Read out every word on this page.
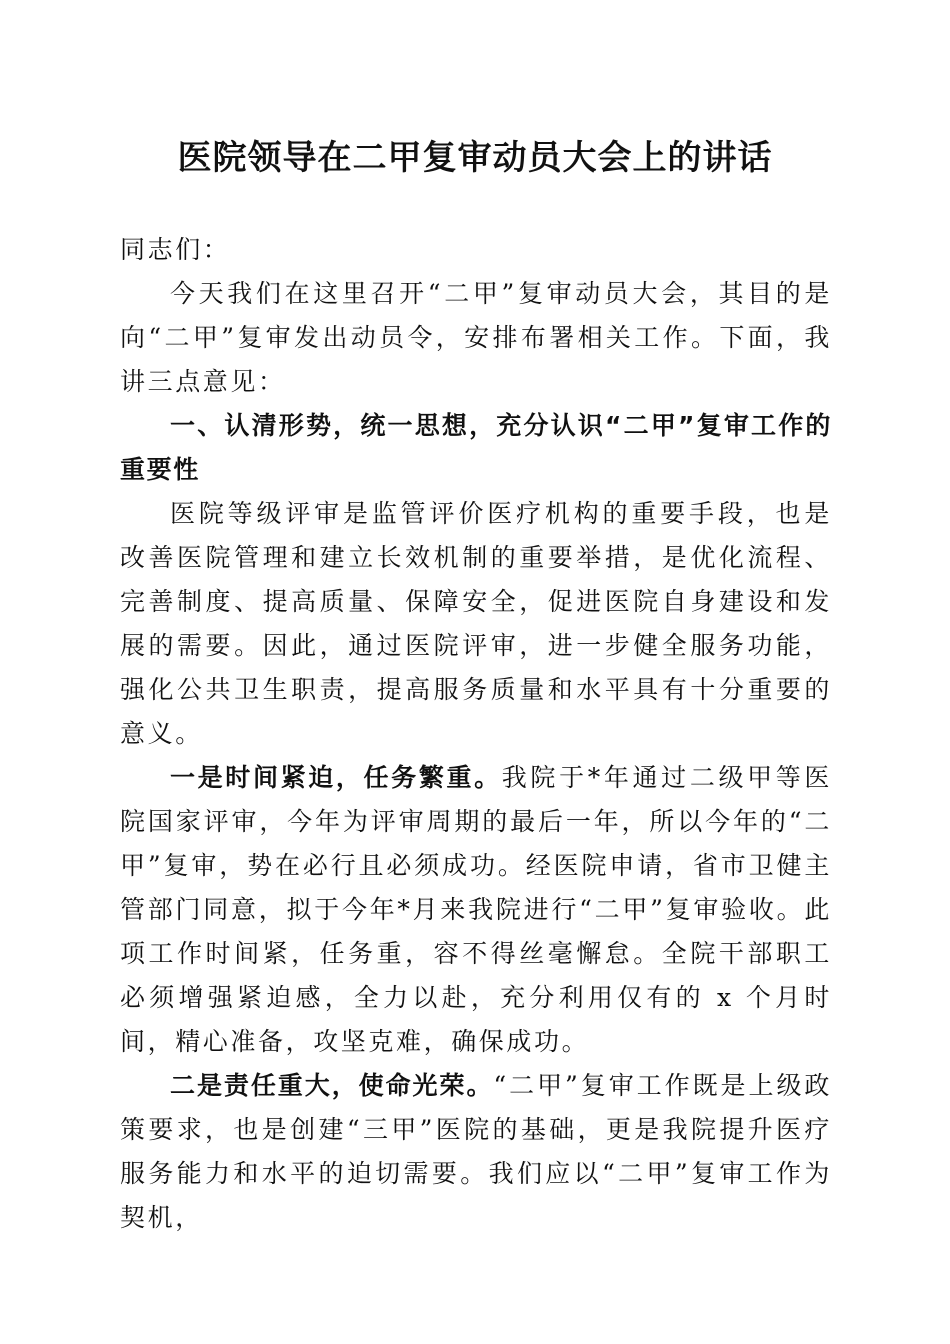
医院领导在二甲复审动员大会上的讲话

同志们：

今天我们在这里召开“二甲”复审动员大会，其目的是向“二甲”复审发出动员令，安排布署相关工作。下面，我讲三点意见：

一、认清形势，统一思想，充分认识“二甲”复审工作的重要性

医院等级评审是监管评价医疗机构的重要手段，也是改善医院管理和建立长效机制的重要举措，是优化流程、完善制度、提高质量、保障安全，促进医院自身建设和发展的需要。因此，通过医院评审，进一步健全服务功能，强化公共卫生职责，提高服务质量和水平具有十分重要的意义。

一是时间紧迫，任务繁重。我院于*年通过二级甲等医院国家评审，今年为评审周期的最后一年，所以今年的“二甲”复审，势在必行且必须成功。经医院申请，省市卫健主管部门同意，拟于今年*月来我院进行“二甲”复审验收。此项工作时间紧，任务重，容不得丝毫懈怠。全院干部职工必须增强紧迫感，全力以赴，充分利用仅有的 x 个月时间，精心准备，攻坚克难，确保成功。

二是责任重大，使命光荣。“二甲”复审工作既是上级政策要求，也是创建“三甲”医院的基础，更是我院提升医疗服务能力和水平的迫切需要。我们应以“二甲”复审工作为契机，
